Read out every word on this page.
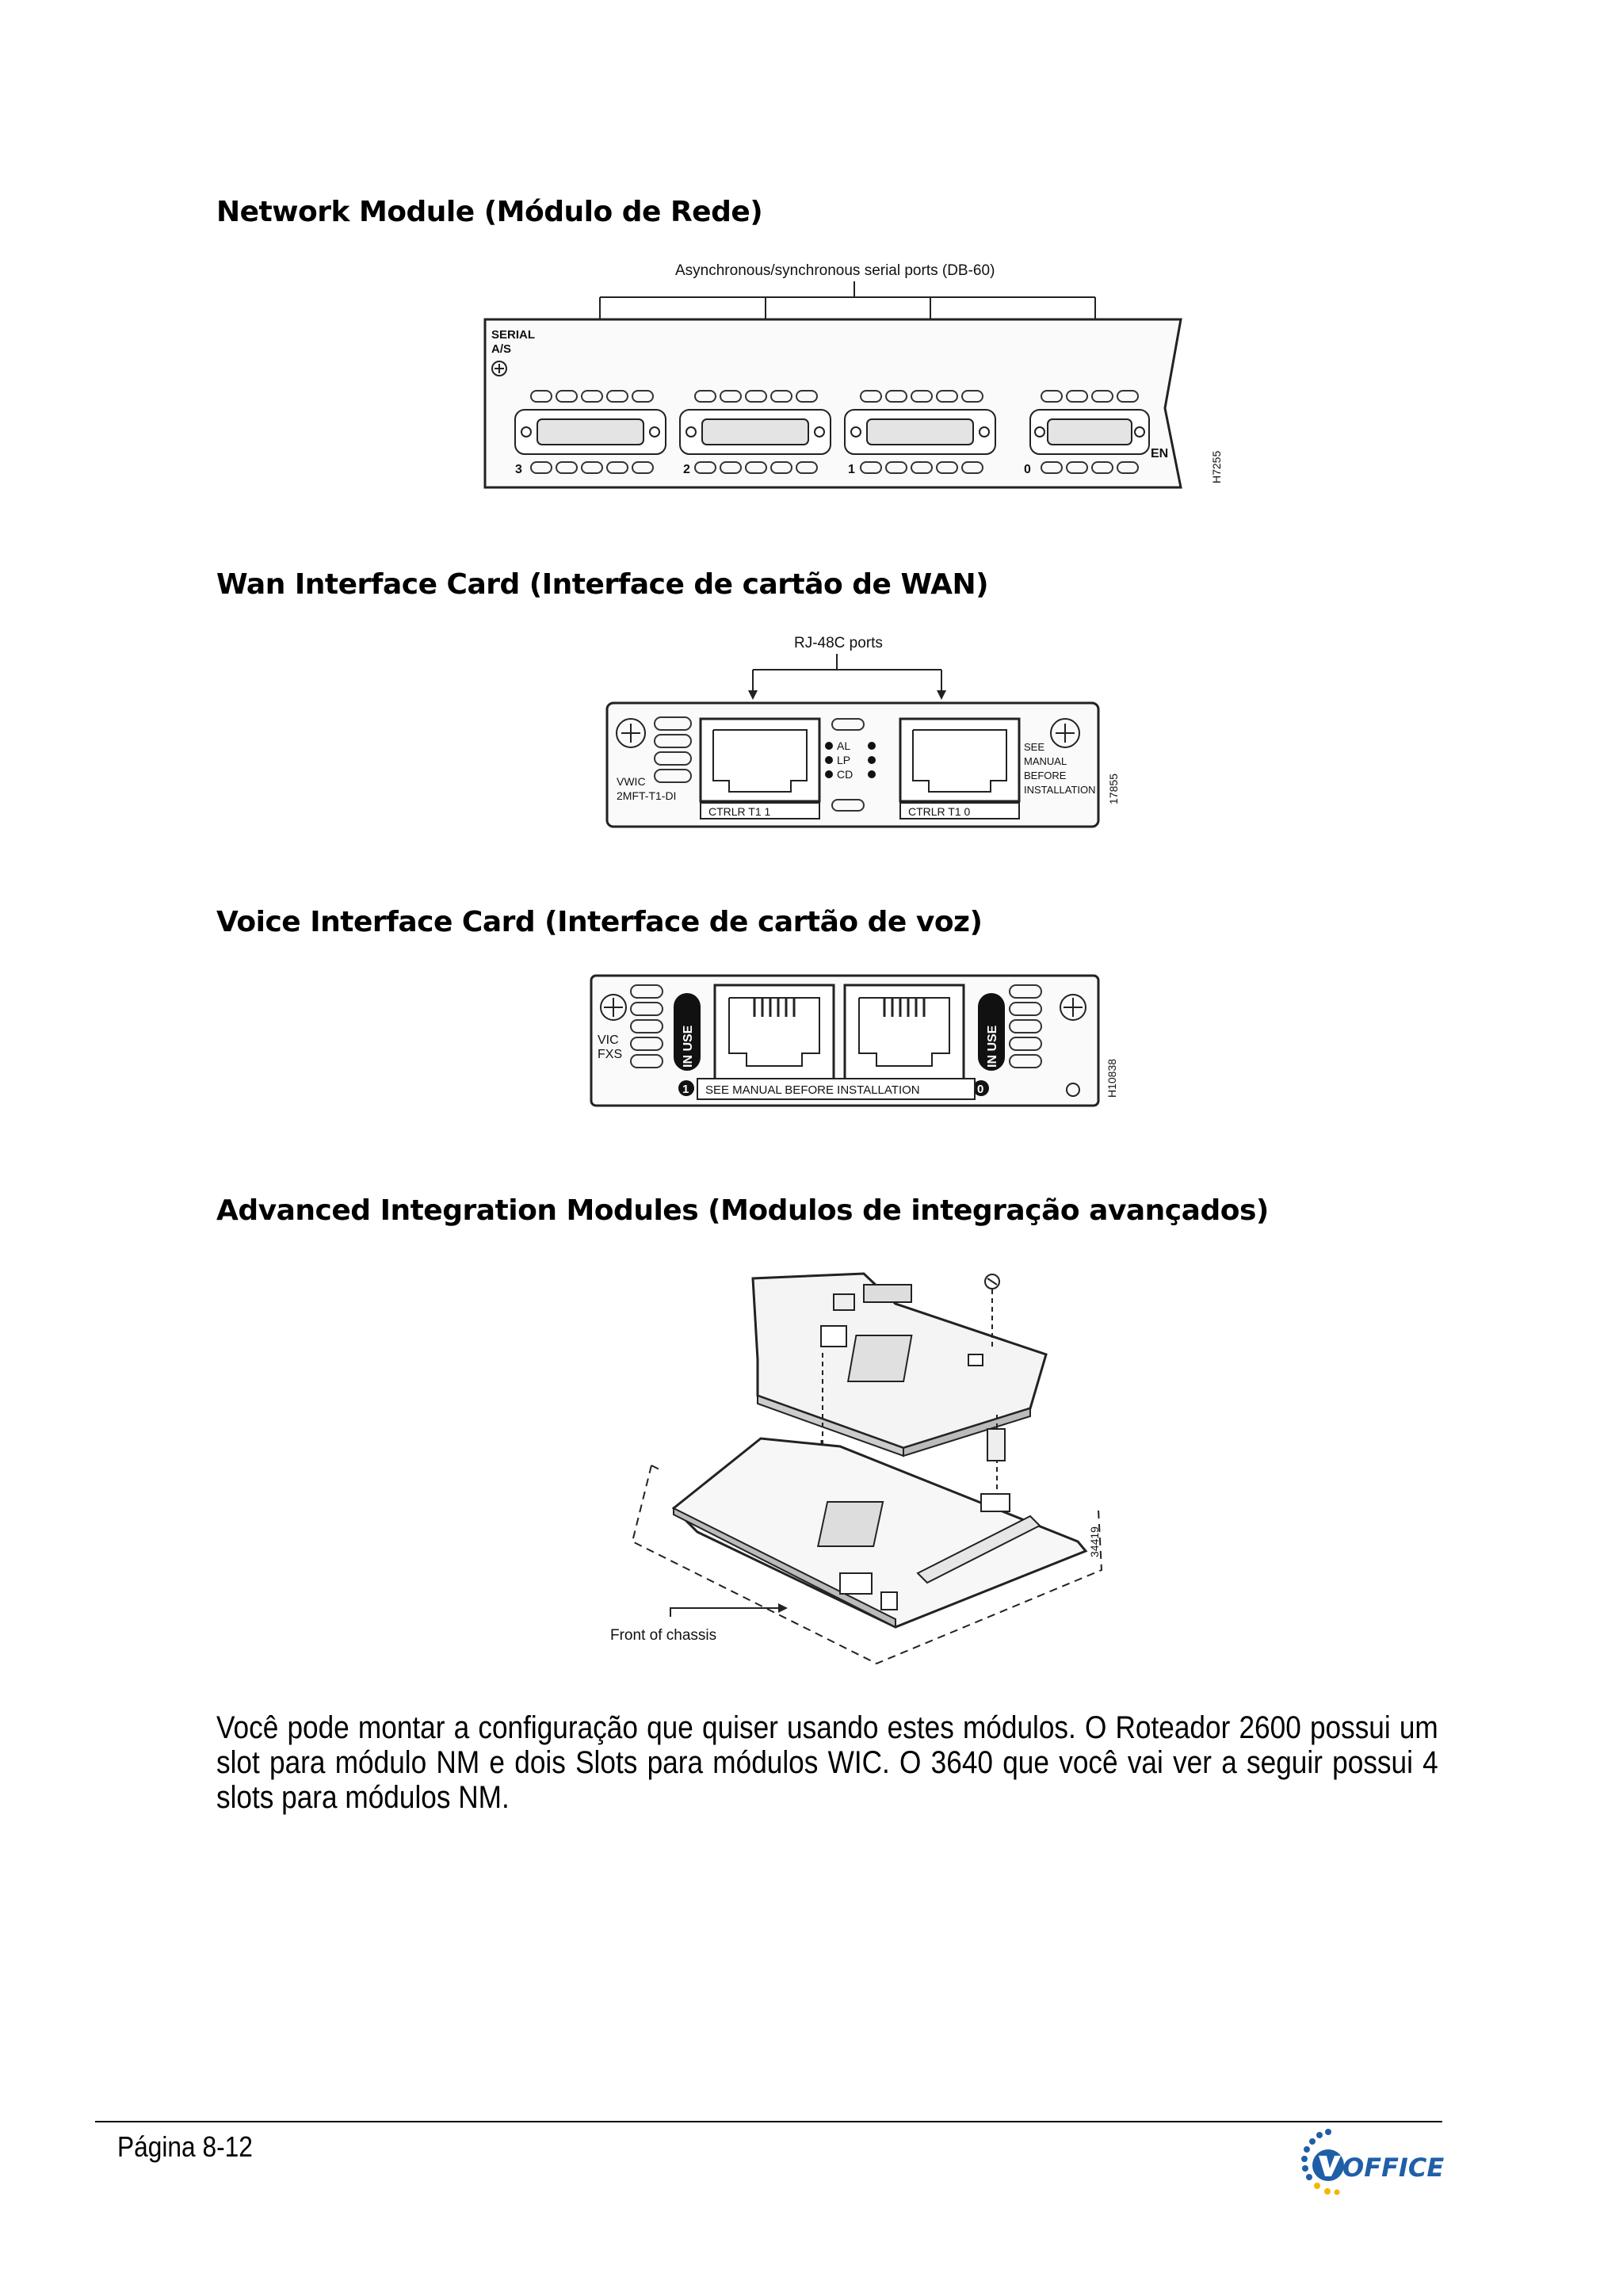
Network Module (Módulo de Rede)
Asynchronous/synchronous serial ports (DB-60)
SERIAL
A/S
3	2	1	0
EN	H7255
Wan Interface Card (Interface de cartão de WAN)
RJ-48C ports
VWIC
2MFT-T1-DI
AL
LP
CD
SEE
MANUAL
BEFORE
INSTALLATION
CTRLR T1 1	CTRLR T1 0
17855
Voice Interface Card (Interface de cartão de voz)
VIC
FXS	IN USE	IN USE
1	0
SEE MANUAL BEFORE INSTALLATION	H10838
Advanced Integration Modules (Modulos de integração avançados)
Front of chassis
34419

Você pode montar a configuração que quiser usando estes módulos. O Roteador 2600 possui um slot para módulo NM e dois Slots para módulos WIC. O 3640 que você vai ver a seguir possui 4 slots para módulos NM.

Página 8-12
OFFICE
